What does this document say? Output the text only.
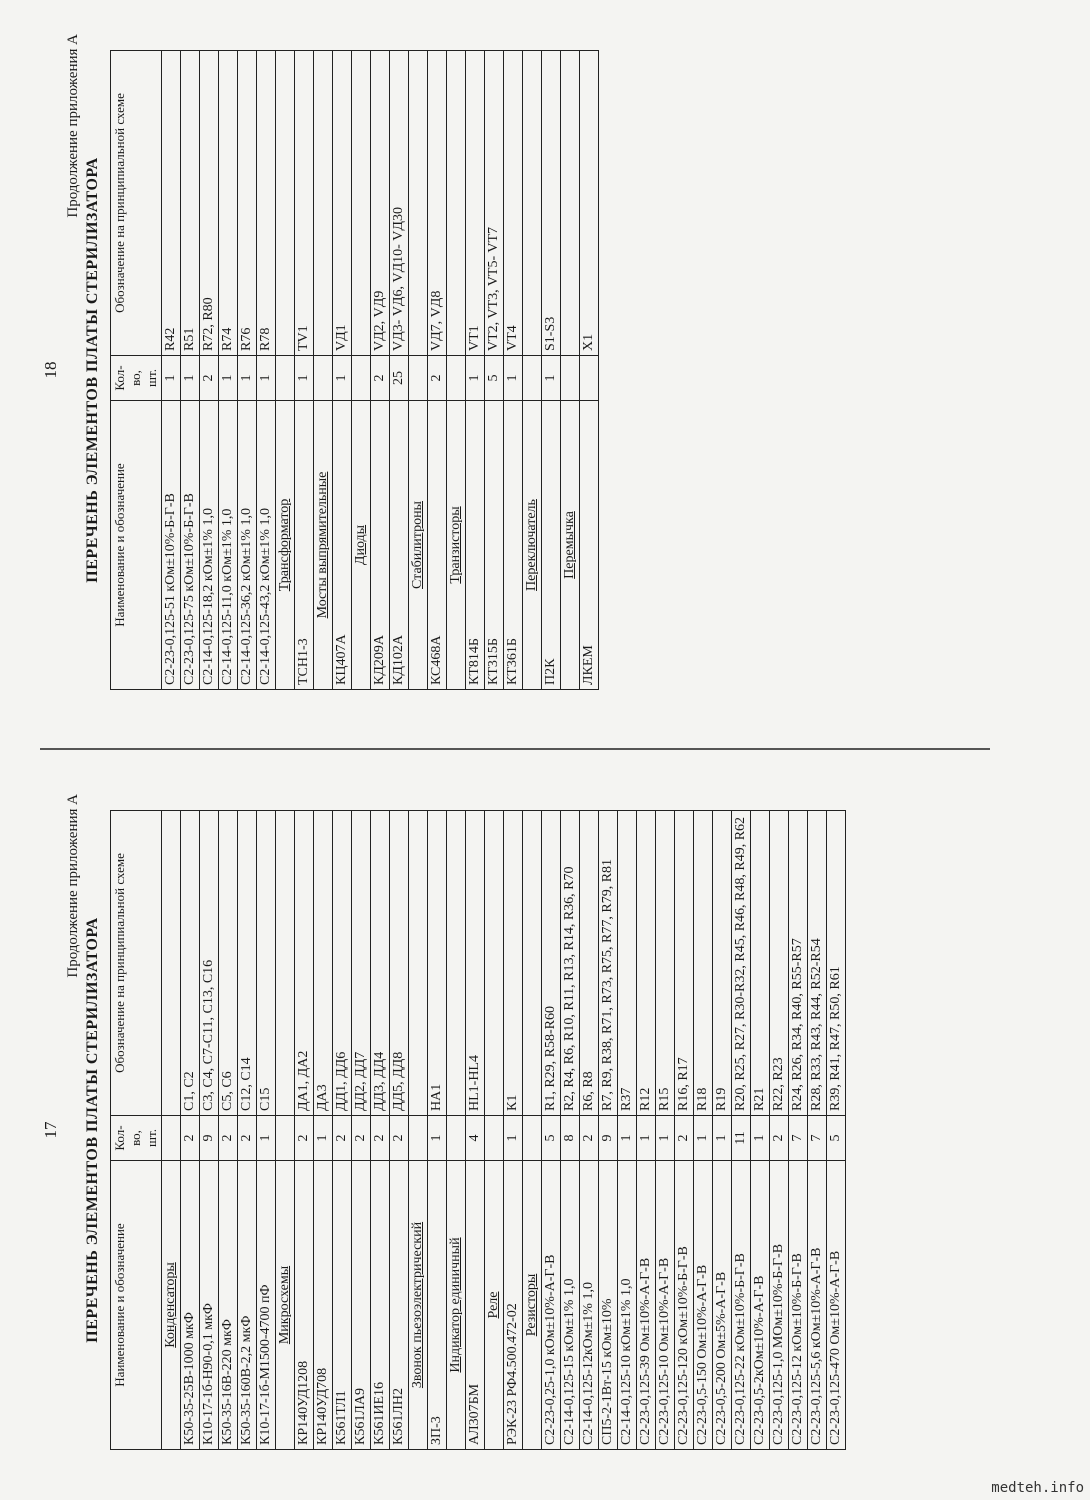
18
Продолжение приложения А
ПЕРЕЧЕНЬ ЭЛЕМЕНТОВ ПЛАТЫ СТЕРИЛИЗАТОРА Наименование и обозначение	Кол-во, шт.	Обозначение на принципиальной схеме
С2-23-0,125-51 кОм±10%-Б-Г-В	1	R42
С2-23-0,125-75 кОм±10%-Б-Г-В	1	R51
С2-14-0,125-18,2 кОм±1% 1,0	2	R72, R80
С2-14-0,125-11,0 кОм±1% 1,0	1	R74
С2-14-0,125-36,2 кОм±1% 1,0	1	R76
С2-14-0,125-43,2 кОм±1% 1,0	1	R78
Трансформатор		
ТСН1-3	1	TV1
Мосты выпрямительные		
КЦ407А	1	VД1
Диоды		
КД209А	2	VД2, VД9
КД102А	25	VД3- VД6, VД10- VД30
Стабилитроны		
КС468А	2	VД7, VД8
Транзисторы		
КТ814Б	1	VT1
КТ315Б	5	VT2, VT3, VT5- VT7
КТ361Б	1	VT4
Переключатель		
П2К	1	S1-S3
Перемычка		
ЛКЕМ		X1
17
Продолжение приложения А
ПЕРЕЧЕНЬ ЭЛЕМЕНТОВ ПЛАТЫ СТЕРИЛИЗАТОРА Наименование и обозначение	Кол-во, шт.	Обозначение на принципиальной схеме
Конденсаторы		
К50-35-25В-1000 мкФ	2	С1, С2
К10-17-1б-Н90-0,1 мкФ	9	С3, С4, С7-С11, С13, С16
К50-35-16В-220 мкФ	2	С5, С6
К50-35-160В-2,2 мкФ	2	С12, С14
К10-17-1б-М1500-4700 пФ	1	С15
Микросхемы		
КР140УД1208	2	ДА1, ДА2
КР140УД708	1	ДА3
К561ТЛ1	2	ДД1, ДД6
К561ЛА9	2	ДД2, ДД7
К561ИЕ16	2	ДД3, ДД4
К561ЛН2	2	ДД5, ДД8
Звонок пьезоэлектрический		
ЗП-3	1	НА1
Индикатор единичный		
АЛ307БМ	4	НL1-НL4
Реле		
РЭК-23 РФ4.500.472-02	1	К1
Резисторы		
С2-23-0,25-1,0 кОм±10%-А-Г-В	5	R1, R29, R58-R60
С2-14-0,125-15 кОм±1% 1,0	8	R2, R4, R6, R10, R11, R13, R14, R36, R70
С2-14-0,125-12кОм±1% 1,0	2	R6, R8
СП5-2-1Вт-15 кОм±10%	9	R7, R9, R38, R71, R73, R75, R77, R79, R81
С2-14-0,125-10 кОм±1% 1,0	1	R37
С2-23-0,125-39 Ом±10%-А-Г-В	1	R12
С2-23-0,125-10 Ом±10%-А-Г-В	1	R15
С2-23-0,125-120 кОм±10%-Б-Г-В	2	R16, R17
С2-23-0,5-150 Ом±10%-А-Г-В	1	R18
С2-23-0,5-200 Ом±5%-А-Г-В	1	R19
С2-23-0,125-22 кОм±10%-Б-Г-В	11	R20, R25, R27, R30-R32, R45, R46, R48, R49, R62
С2-23-0,5-2кОм±10%-А-Г-В	1	R21
С2-23-0,125-1,0 МОм±10%-Б-Г-В	2	R22, R23
С2-23-0,125-12 кОм±10%-Б-Г-В	7	R24, R26, R34, R40, R55-R57
С2-23-0,125-5,6 кОм±10%-А-Г-В	7	R28, R33, R43, R44, R52-R54
С2-23-0,125-470 Ом±10%-А-Г-В	5	R39, R41, R47, R50, R61
medteh.info
